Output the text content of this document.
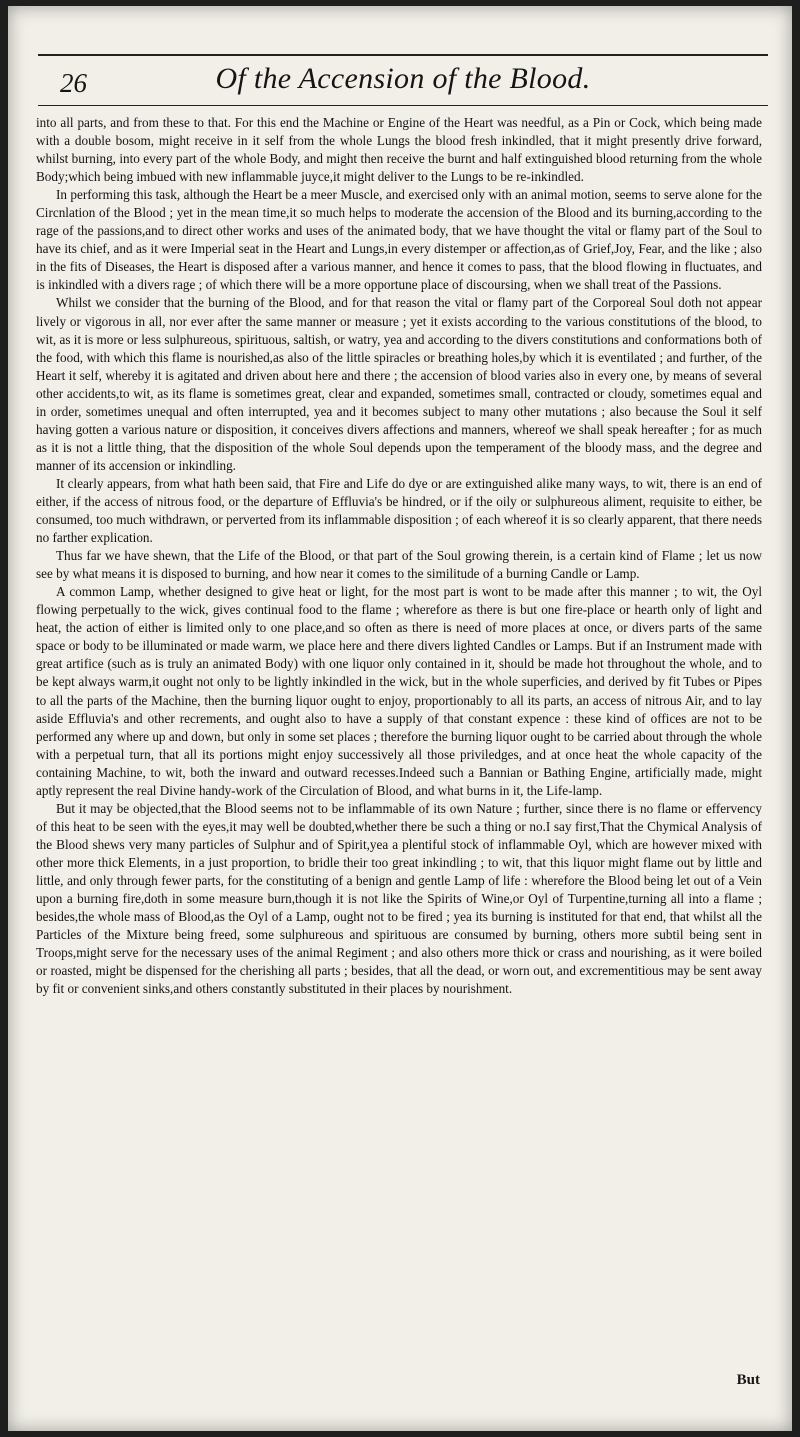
26	Of the Accension of the Blood.

into all parts, and from these to that. For this end the Machine or Engine of the Heart was needful, as a Pin or Cock, which being made with a double bosom, might receive in it self from the whole Lungs the blood fresh inkindled, that it might presently drive forward, whilst burning, into every part of the whole Body, and might then receive the burnt and half extinguished blood returning from the whole Body;which being imbued with new inflammable juyce,it might deliver to the Lungs to be re-inkindled.

In performing this task, although the Heart be a meer Muscle, and exercised only with an animal motion, seems to serve alone for the Circnlation of the Blood ; yet in the mean time,it so much helps to moderate the accension of the Blood and its burning,according to the rage of the passions,and to direct other works and uses of the animated body, that we have thought the vital or flamy part of the Soul to have its chief, and as it were Imperial seat in the Heart and Lungs,in every distemper or affection,as of Grief,Joy, Fear, and the like ; also in the fits of Diseases, the Heart is disposed after a various manner, and hence it comes to pass, that the blood flowing in fluctuates, and is inkindled with a divers rage ; of which there will be a more opportune place of discoursing, when we shall treat of the Passions.

Whilst we consider that the burning of the Blood, and for that reason the vital or flamy part of the Corporeal Soul doth not appear lively or vigorous in all, nor ever after the same manner or measure ; yet it exists according to the various constitutions of the blood, to wit, as it is more or less sulphureous, spirituous, saltish, or watry, yea and according to the divers constitutions and conformations both of the food, with which this flame is nourished,as also of the little spiracles or breathing holes,by which it is eventilated ; and further, of the Heart it self, whereby it is agitated and driven about here and there ; the accension of blood varies also in every one, by means of several other accidents,to wit, as its flame is sometimes great, clear and expanded, sometimes small, contracted or cloudy, sometimes equal and in order, sometimes unequal and often interrupted, yea and it becomes subject to many other mutations ; also because the Soul it self having gotten a various nature or disposition, it conceives divers affections and manners, whereof we shall speak hereafter ; for as much as it is not a little thing, that the disposition of the whole Soul depends upon the temperament of the bloody mass, and the degree and manner of its accension or inkindling.

It clearly appears, from what hath been said, that Fire and Life do dye or are extinguished alike many ways, to wit, there is an end of either, if the access of nitrous food, or the departure of Effluvia's be hindred, or if the oily or sulphureous aliment, requisite to either, be consumed, too much withdrawn, or perverted from its inflammable disposition ; of each whereof it is so clearly apparent, that there needs no farther explication.

Thus far we have shewn, that the Life of the Blood, or that part of the Soul growing therein, is a certain kind of Flame ; let us now see by what means it is disposed to burning, and how near it comes to the similitude of a burning Candle or Lamp.

A common Lamp, whether designed to give heat or light, for the most part is wont to be made after this manner ; to wit, the Oyl flowing perpetually to the wick, gives continual food to the flame ; wherefore as there is but one fire-place or hearth only of light and heat, the action of either is limited only to one place,and so often as there is need of more places at once, or divers parts of the same space or body to be illuminated or made warm, we place here and there divers lighted Candles or Lamps. But if an Instrument made with great artifice (such as is truly an animated Body) with one liquor only contained in it, should be made hot throughout the whole, and to be kept always warm,it ought not only to be lightly inkindled in the wick, but in the whole superficies, and derived by fit Tubes or Pipes to all the parts of the Machine, then the burning liquor ought to enjoy, proportionably to all its parts, an access of nitrous Air, and to lay aside Effluvia's and other recrements, and ought also to have a supply of that constant expence : these kind of offices are not to be performed any where up and down, but only in some set places ; therefore the burning liquor ought to be carried about through the whole with a perpetual turn, that all its portions might enjoy successively all those priviledges, and at once heat the whole capacity of the containing Machine, to wit, both the inward and outward recesses.Indeed such a Bannian or Bathing Engine, artificially made, might aptly represent the real Divine handy-work of the Circulation of Blood, and what burns in it, the Life-lamp.

But it may be objected,that the Blood seems not to be inflammable of its own Nature ; further, since there is no flame or effervency of this heat to be seen with the eyes,it may well be doubted,whether there be such a thing or no.I say first,That the Chymical Analysis of the Blood shews very many particles of Sulphur and of Spirit,yea a plentiful stock of inflammable Oyl, which are however mixed with other more thick Elements, in a just proportion, to bridle their too great inkindling ; to wit, that this liquor might flame out by little and little, and only through fewer parts, for the constituting of a benign and gentle Lamp of life : wherefore the Blood being let out of a Vein upon a burning fire,doth in some measure burn,though it is not like the Spirits of Wine,or Oyl of Turpentine,turning all into a flame ; besides,the whole mass of Blood,as the Oyl of a Lamp, ought not to be fired ; yea its burning is instituted for that end, that whilst all the Particles of the Mixture being freed, some sulphureous and spirituous are consumed by burning, others more subtil being sent in Troops,might serve for the necessary uses of the animal Regiment ; and also others more thick or crass and nourishing, as it were boiled or roasted, might be dispensed for the cherishing all parts ; besides, that all the dead, or worn out, and excrementitious may be sent away by fit or convenient sinks,and others constantly substituted in their places by nourishment.

But
